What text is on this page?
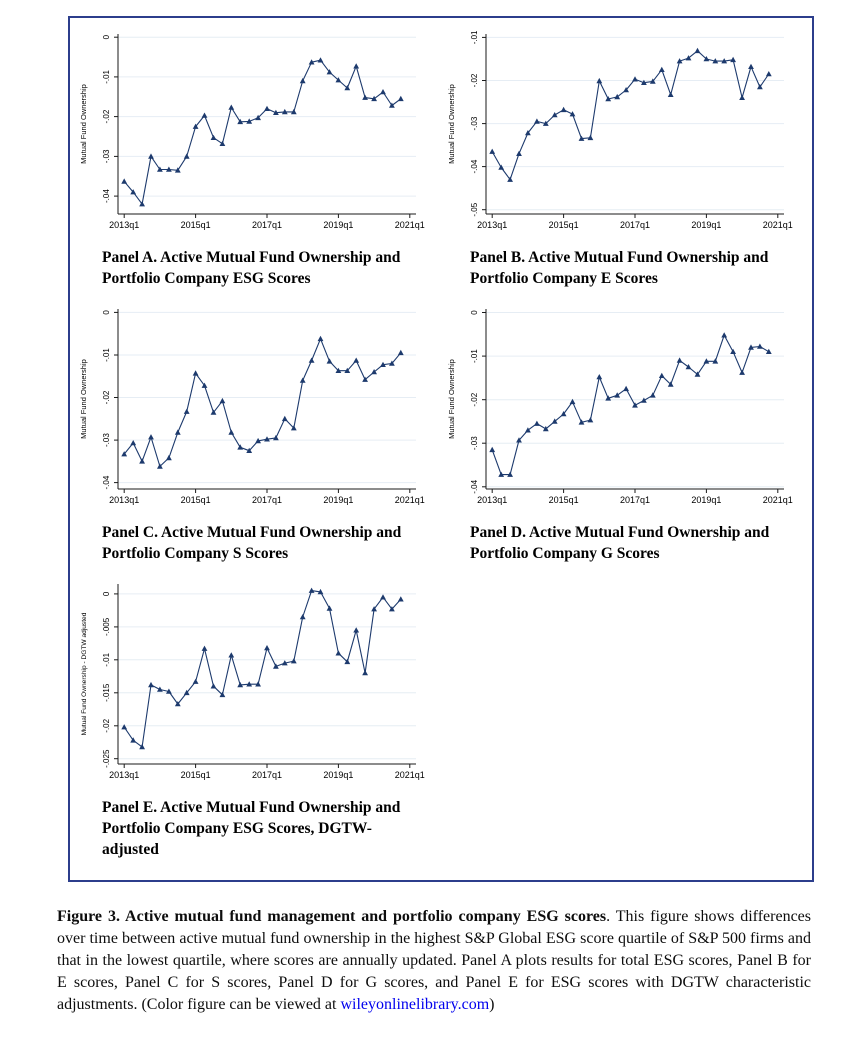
0
-.01
-.02
-.03
-.04
2013q1	2015q1	2017q1	2019q1	2021q1
Mutual Fund Ownership
Panel A. Active Mutual Fund Ownership and Portfolio Company ESG Scores
-.01
-.02
-.03
-.04
-.05
2013q1	2015q1	2017q1	2019q1	2021q1
Mutual Fund Ownership
Panel B. Active Mutual Fund Ownership and Portfolio Company E Scores
0
-.01
-.02
-.03
-.04
2013q1	2015q1	2017q1	2019q1	2021q1
Mutual Fund Ownership
Panel C. Active Mutual Fund Ownership and Portfolio Company S Scores
0
-.01
-.02
-.03
-.04
2013q1	2015q1	2017q1	2019q1	2021q1
Mutual Fund Ownership
Panel D. Active Mutual Fund Ownership and Portfolio Company G Scores
0
-.005
-.01
-.015
-.02
-.025
2013q1	2015q1	2017q1	2019q1	2021q1
Mutual Fund Ownership - DGTW adjusted
Panel E. Active Mutual Fund Ownership and Portfolio Company ESG Scores, DGTW-adjusted
Figure 3. Active mutual fund management and portfolio company ESG scores. This figure shows differences over time between active mutual fund ownership in the highest S&P Global ESG score quartile of S&P 500 firms and that in the lowest quartile, where scores are annually updated. Panel A plots results for total ESG scores, Panel B for E scores, Panel C for S scores, Panel D for G scores, and Panel E for ESG scores with DGTW characteristic adjustments. (Color figure can be viewed at wileyonlinelibrary.com)
